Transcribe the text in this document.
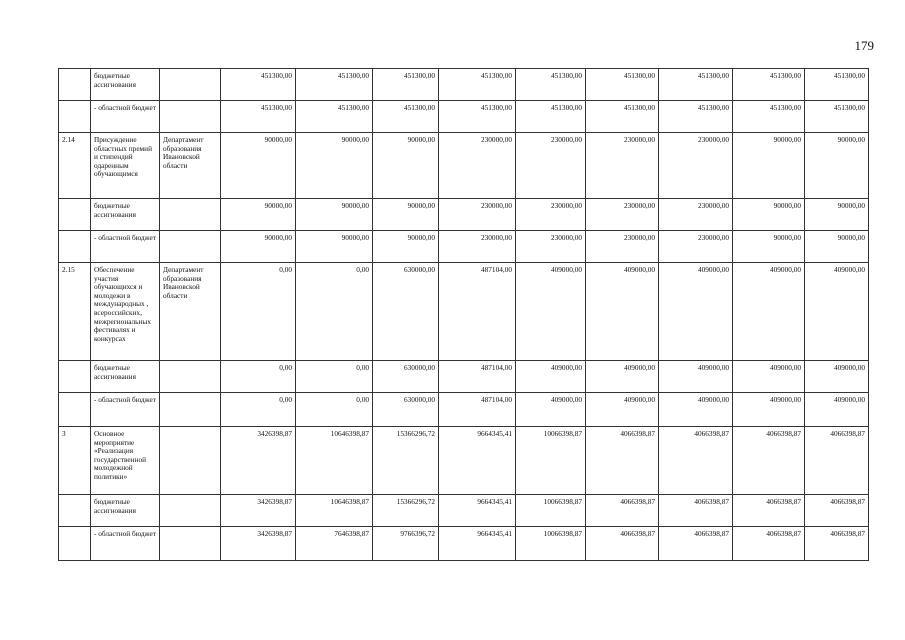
179
	бюджетные ассигнования		451300,00	451300,00	451300,00	451300,00	451300,00	451300,00	451300,00	451300,00	451300,00
	- областной бюджет		451300,00	451300,00	451300,00	451300,00	451300,00	451300,00	451300,00	451300,00	451300,00
2.14	Присуждение областных премий и стипендий одаренным обучающимся	Департамент образования Ивановской области	90000,00	90000,00	90000,00	230000,00	230000,00	230000,00	230000,00	90000,00	90000,00
	бюджетные ассигнования		90000,00	90000,00	90000,00	230000,00	230000,00	230000,00	230000,00	90000,00	90000,00
	- областной бюджет		90000,00	90000,00	90000,00	230000,00	230000,00	230000,00	230000,00	90000,00	90000,00
2.15	Обеспечение участия обучающихся и молодежи в международных , всероссийских, межрегиональных фестивалях и конкурсах	Департамент образования Ивановской области	0,00	0,00	630000,00	487104,00	409000,00	409000,00	409000,00	409000,00	409000,00
	бюджетные ассигнования		0,00	0,00	630000,00	487104,00	409000,00	409000,00	409000,00	409000,00	409000,00
	- областной бюджет		0,00	0,00	630000,00	487104,00	409000,00	409000,00	409000,00	409000,00	409000,00
3	Основное мероприятие «Реализация государственной молодежной политики»		3426398,87	10646398,87	15366296,72	9664345,41	10066398,87	4066398,87	4066398,87	4066398,87	4066398,87
	бюджетные ассигнования		3426398,87	10646398,87	15366296,72	9664345,41	10066398,87	4066398,87	4066398,87	4066398,87	4066398,87
	- областной бюджет		3426398,87	7646398,87	9766396,72	9664345,41	10066398,87	4066398,87	4066398,87	4066398,87	4066398,87
